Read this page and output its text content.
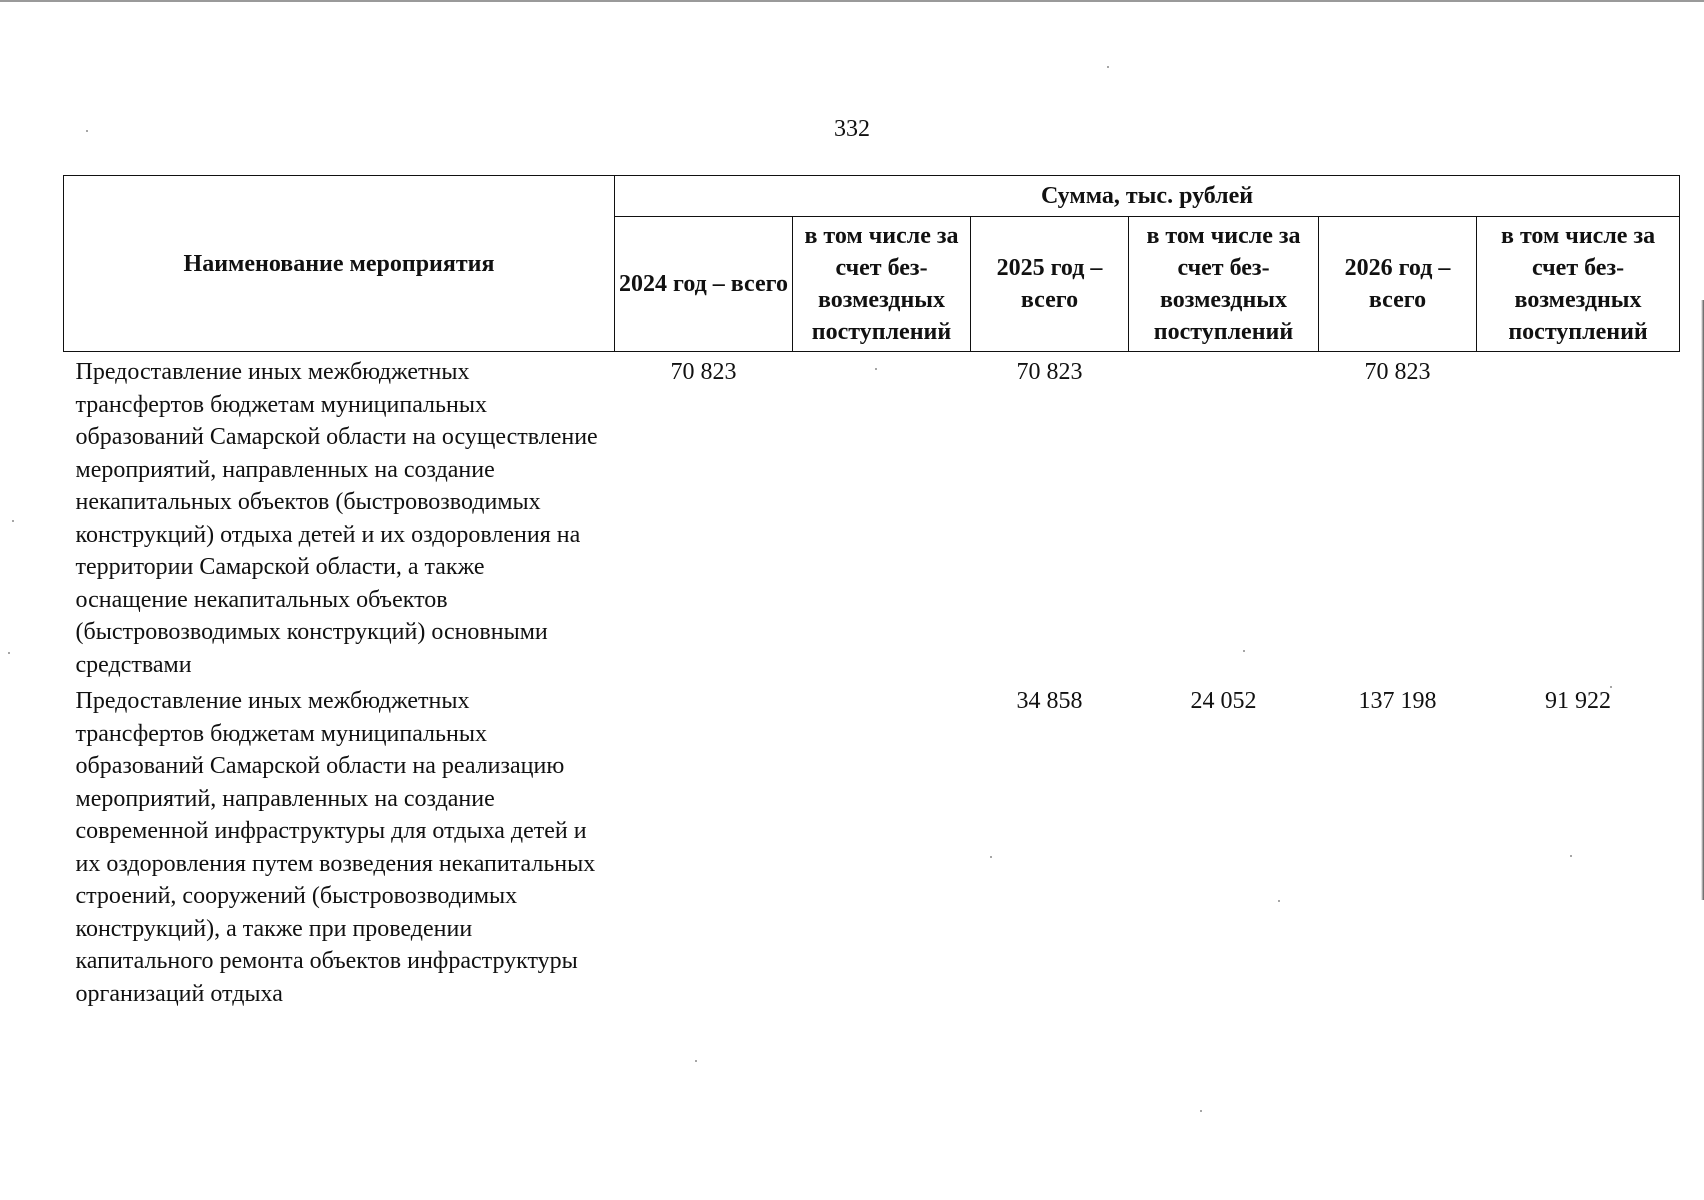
332
Наименование мероприятия	Сумма, тыс. рублей					
	2024 год – всего	в том числе за счет без-возмездных поступлений	2025 год – всего	в том числе за счет без-возмездных поступлений	2026 год – всего	в том числе за счет без-возмездных поступлений
Предоставление иных межбюджетных трансфертов бюджетам муниципальных образований Самарской области на осуществление мероприятий, направленных на создание некапитальных объектов (быстровозводимых конструкций) отдыха детей и их оздоровления на территории Самарской области, а также оснащение некапитальных объектов (быстровозводимых конструкций) основными средствами	70 823		70 823		70 823	
Предоставление иных межбюджетных трансфертов бюджетам муниципальных образований Самарской области на реализацию мероприятий, направленных на создание современной инфраструктуры для отдыха детей и их оздоровления путем возведения некапитальных строений, сооружений (быстровозводимых конструкций), а также при проведении капитального ремонта объектов инфраструктуры организаций отдыха			34 858	24 052	137 198	91 922
